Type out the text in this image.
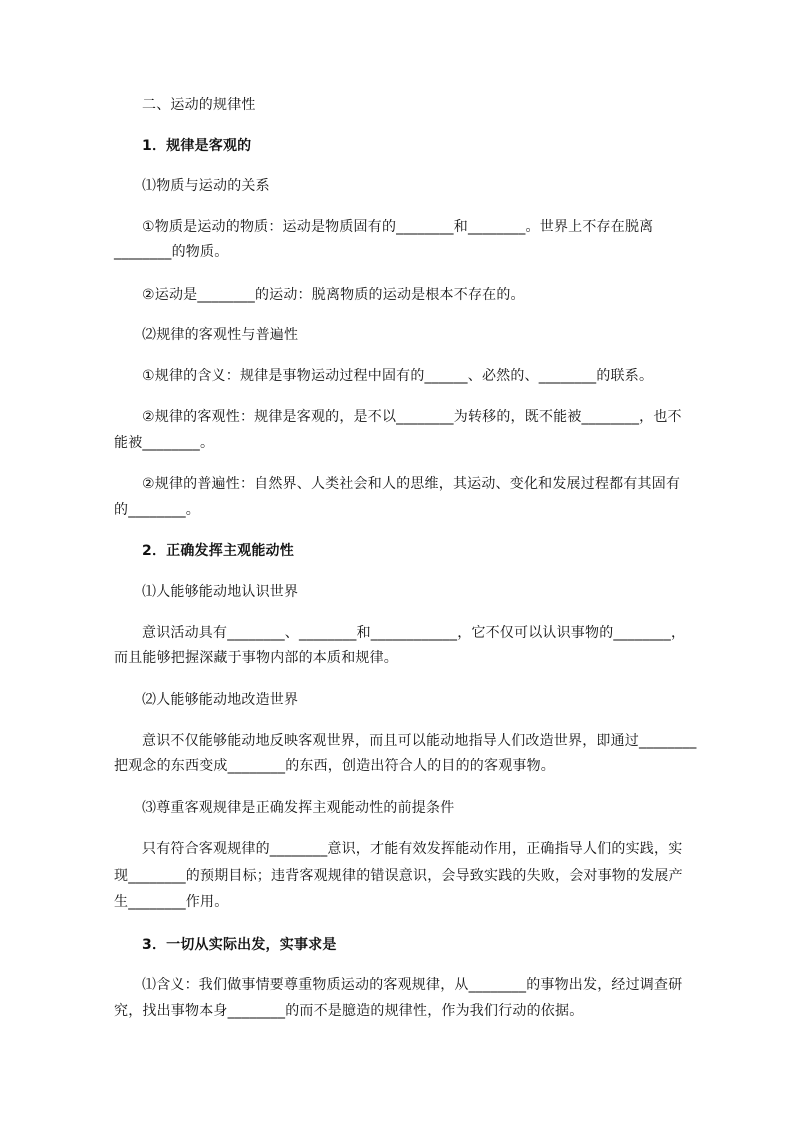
二、运动的规律性
1．规律是客观的
⑴物质与运动的关系
①物质是运动的物质：运动是物质固有的________和________。世界上不存在脱离
________的物质。
②运动是________的运动：脱离物质的运动是根本不存在的。
⑵规律的客观性与普遍性
①规律的含义：规律是事物运动过程中固有的______、必然的、________的联系。
②规律的客观性：规律是客观的，是不以________为转移的，既不能被________，也不
能被________。
②规律的普遍性：自然界、人类社会和人的思维，其运动、变化和发展过程都有其固有
的________。
2．正确发挥主观能动性
⑴人能够能动地认识世界
意识活动具有________、________和____________，它不仅可以认识事物的________，
而且能够把握深藏于事物内部的本质和规律。
⑵人能够能动地改造世界
意识不仅能够能动地反映客观世界，而且可以能动地指导人们改造世界，即通过________
把观念的东西变成________的东西，创造出符合人的目的的客观事物。
⑶尊重客观规律是正确发挥主观能动性的前提条件
只有符合客观规律的________意识，才能有效发挥能动作用，正确指导人们的实践，实
现________的预期目标；违背客观规律的错误意识，会导致实践的失败，会对事物的发展产
生________作用。
3．一切从实际出发，实事求是
⑴含义：我们做事情要尊重物质运动的客观规律，从________的事物出发，经过调查研
究，找出事物本身________的而不是臆造的规律性，作为我们行动的依据。
